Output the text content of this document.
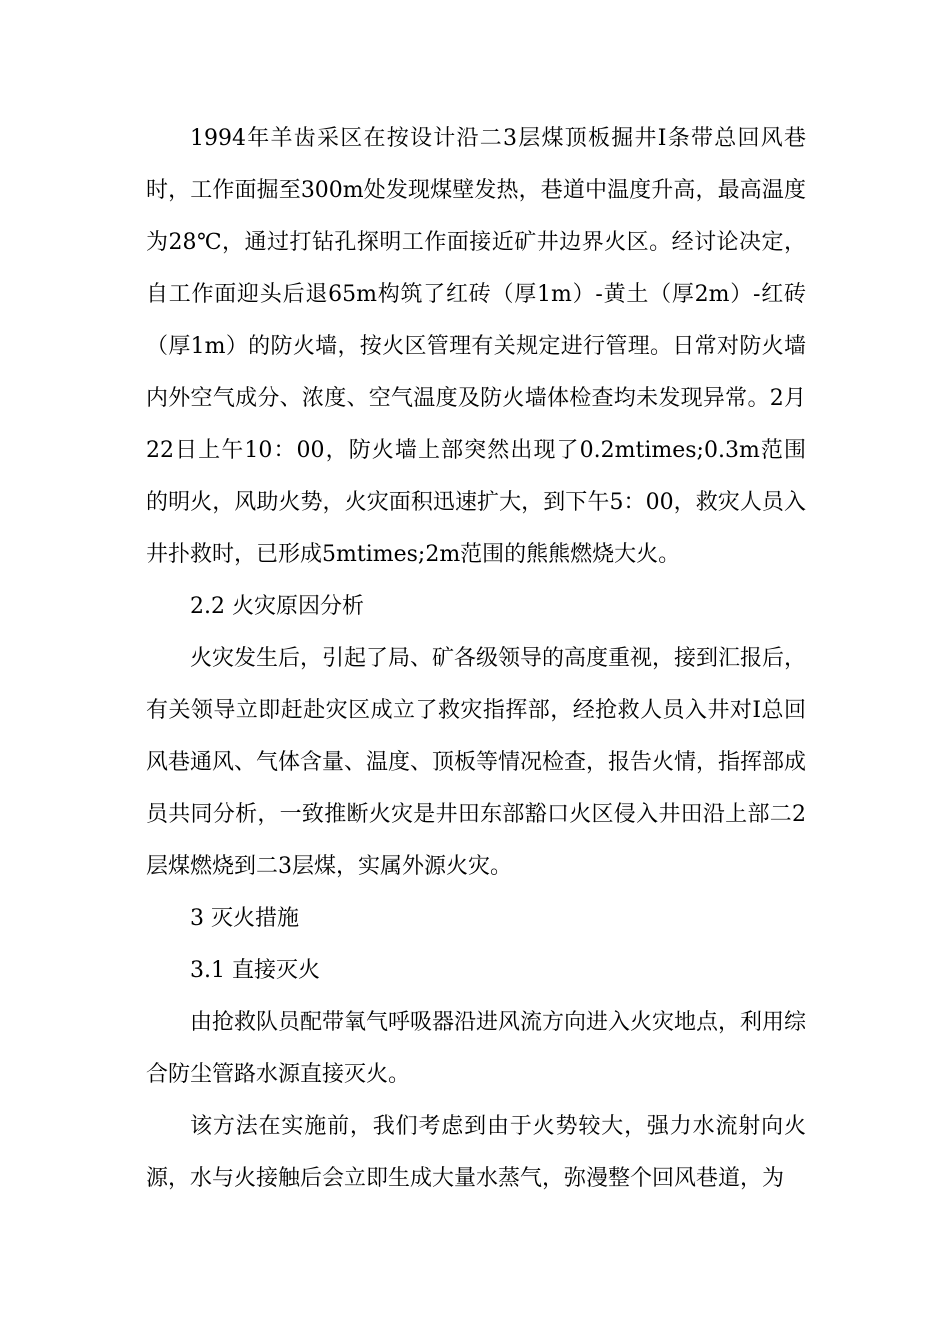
1994年羊齿采区在按设计沿二3层煤顶板掘井I条带总回风巷时，工作面掘至300m处发现煤壁发热，巷道中温度升高，最高温度为28℃，通过打钻孔探明工作面接近矿井边界火区。经讨论决定，自工作面迎头后退65m构筑了红砖（厚1m）-黄土（厚2m）-红砖（厚1m）的防火墙，按火区管理有关规定进行管理。日常对防火墙内外空气成分、浓度、空气温度及防火墙体检查均未发现异常。2月22日上午10：00，防火墙上部突然出现了0.2mtimes;0.3m范围的明火，风助火势，火灾面积迅速扩大，到下午5：00，救灾人员入井扑救时，已形成5mtimes;2m范围的熊熊燃烧大火。

2.2 火灾原因分析

火灾发生后，引起了局、矿各级领导的高度重视，接到汇报后，有关领导立即赶赴灾区成立了救灾指挥部，经抢救人员入井对I总回风巷通风、气体含量、温度、顶板等情况检查，报告火情，指挥部成员共同分析，一致推断火灾是井田东部豁口火区侵入井田沿上部二2层煤燃烧到二3层煤，实属外源火灾。

3 灭火措施

3.1 直接灭火

由抢救队员配带氧气呼吸器沿进风流方向进入火灾地点，利用综合防尘管路水源直接灭火。

该方法在实施前，我们考虑到由于火势较大，强力水流射向火源，水与火接触后会立即生成大量水蒸气，弥漫整个回风巷道，为
